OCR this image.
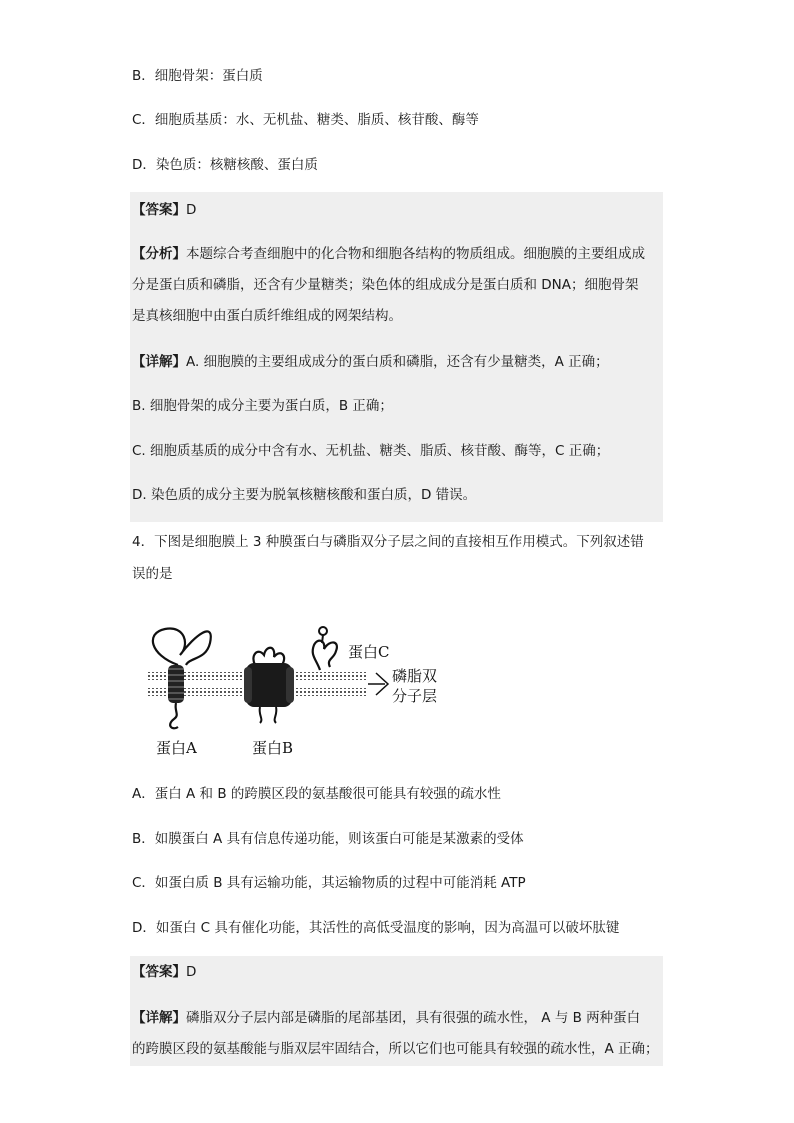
B．细胞骨架：蛋白质
C．细胞质基质：水、无机盐、糖类、脂质、核苷酸、酶等
D．染色质：核糖核酸、蛋白质
【答案】D
【分析】本题综合考查细胞中的化合物和细胞各结构的物质组成。细胞膜的主要组成成
分是蛋白质和磷脂，还含有少量糖类；染色体的组成成分是蛋白质和 DNA；细胞骨架
是真核细胞中由蛋白质纤维组成的网架结构。
【详解】A. 细胞膜的主要组成成分的蛋白质和磷脂，还含有少量糖类，A 正确；
B. 细胞骨架的成分主要为蛋白质，B 正确；
C. 细胞质基质的成分中含有水、无机盐、糖类、脂质、核苷酸、酶等，C 正确；
D. 染色质的成分主要为脱氧核糖核酸和蛋白质，D 错误。
4．下图是细胞膜上 3 种膜蛋白与磷脂双分子层之间的直接相互作用模式。下列叙述错
误的是
蛋白A	蛋白B
蛋白C
磷脂双
分子层
A．蛋白 A 和 B 的跨膜区段的氨基酸很可能具有较强的疏水性
B．如膜蛋白 A 具有信息传递功能，则该蛋白可能是某激素的受体
C．如蛋白质 B 具有运输功能，其运输物质的过程中可能消耗 ATP
D．如蛋白 C 具有催化功能，其活性的高低受温度的影响，因为高温可以破坏肽键
【答案】D
【详解】磷脂双分子层内部是磷脂的尾部基团，具有很强的疏水性， A 与 B 两种蛋白
的跨膜区段的氨基酸能与脂双层牢固结合，所以它们也可能具有较强的疏水性，A 正确；
